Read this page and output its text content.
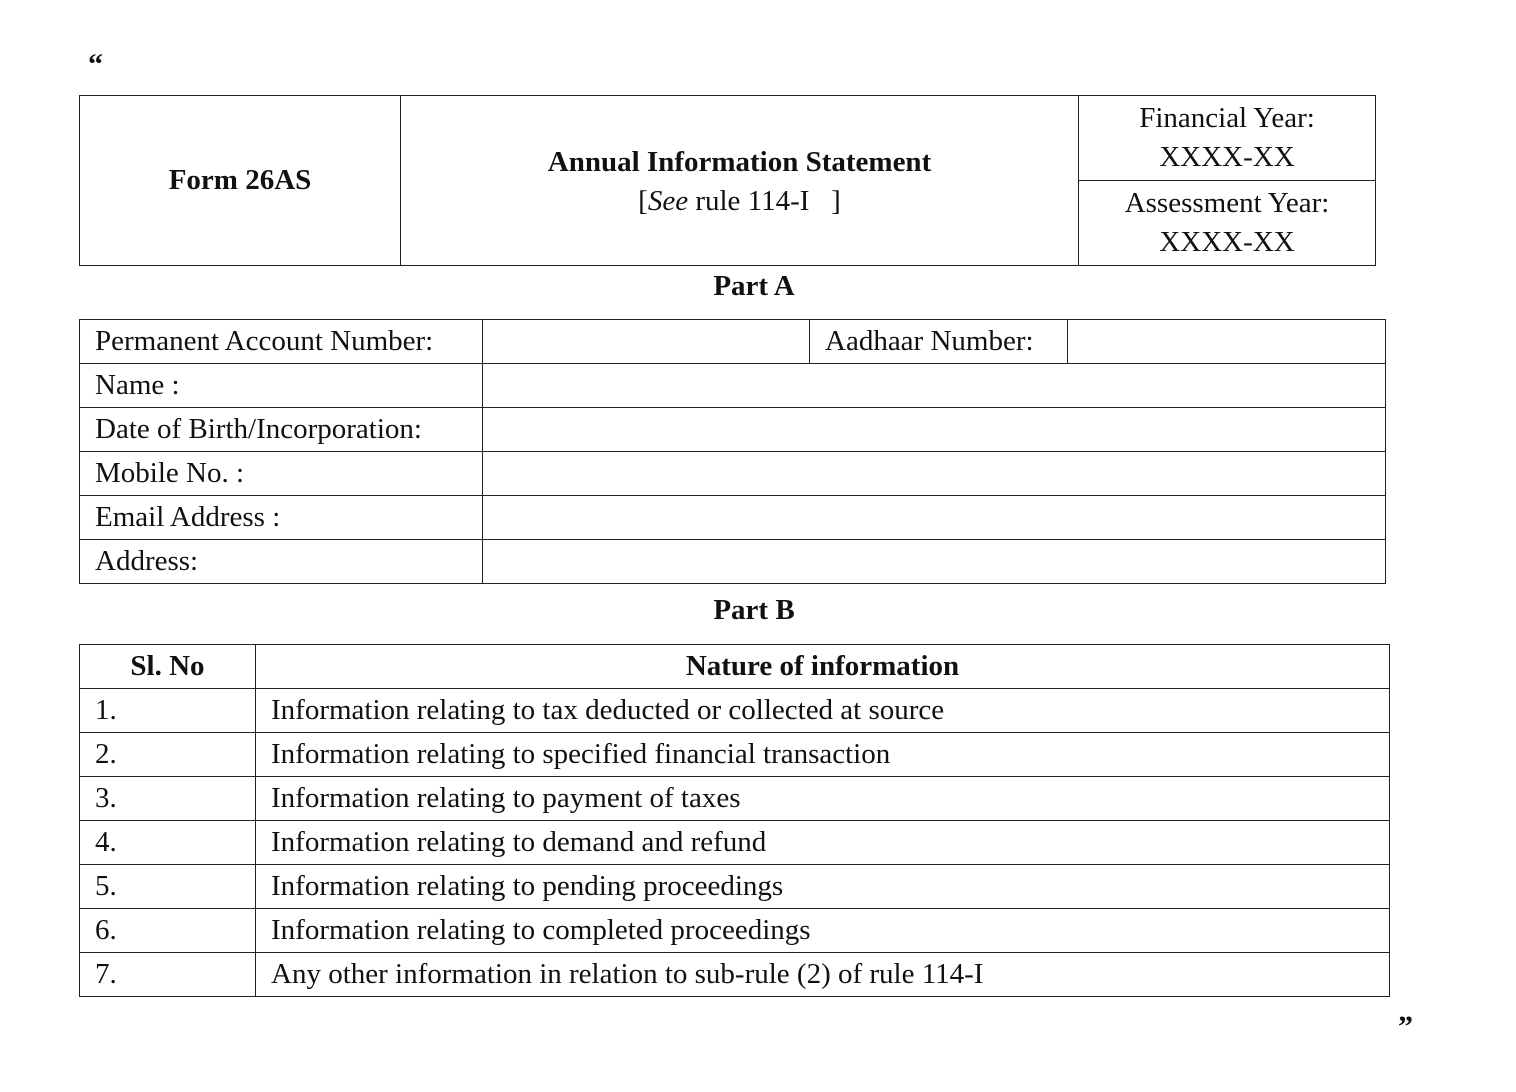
“
Form 26AS	
Annual Information Statement
[See rule 114-I   ]

Financial Year:
XXXX-XX

Assessment Year:
XXXX-XX
Part A
Permanent Account Number:		Aadhaar Number:	
Name :			
Date of Birth/Incorporation:			
Mobile No. :			
Email Address :			
Address:			
Part B
Sl. No	Nature of information
1.	Information relating to tax deducted or collected at source
2.	Information relating to specified financial transaction
3.	Information relating to payment of taxes
4.	Information relating to demand and refund
5.	Information relating to pending proceedings
6.	Information relating to completed proceedings
7.	Any other information in relation to sub-rule (2) of rule 114-I
”
